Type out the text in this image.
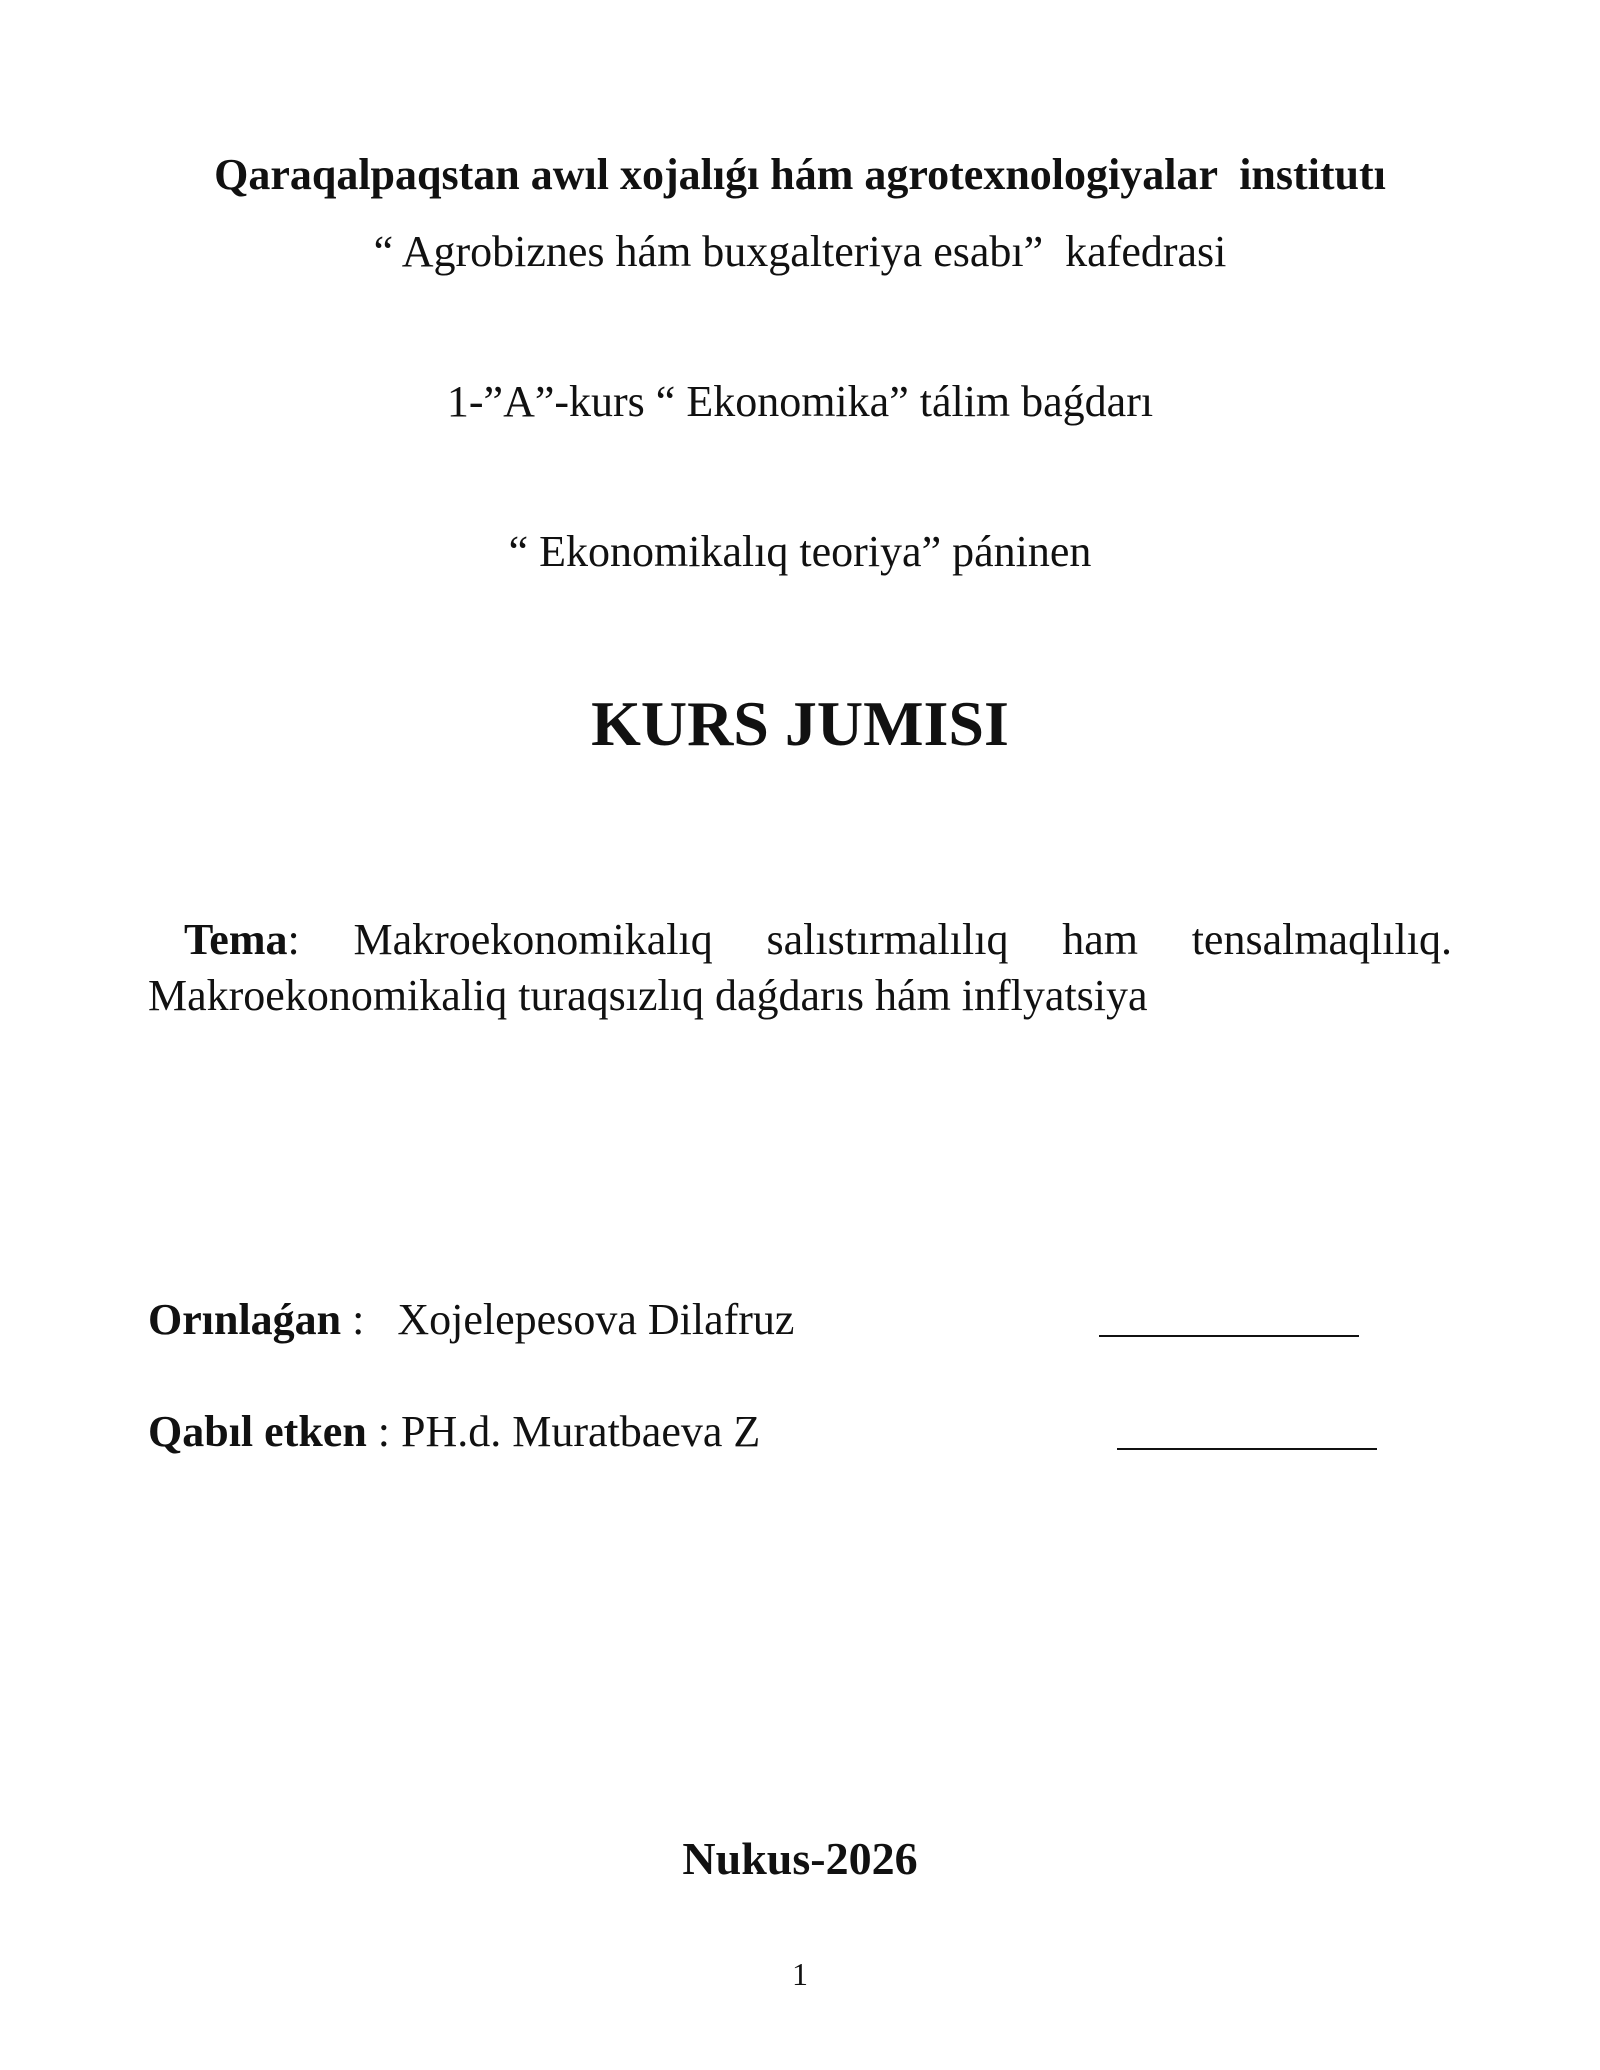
Qaraqalpaqstan awıl xojalıǵı hám agrotexnologiyalar  institutı
“ Agrobiznes hám buxgalteriya esabı”  kafedrasi
1-”A”-kurs “ Ekonomika” tálim baǵdarı
“ Ekonomikalıq teoriya” páninen
KURS JUMISI
Tema: Makroekonomikalıq salıstırmalılıq ham tensalmaqlılıq.
Makroekonomikaliq turaqsızlıq daǵdarıs hám inflyatsiya
Orınlaǵan :   Xojelepesova Dilafruz
Qabıl etken : PH.d. Muratbaeva Z
Nukus-2026
1
